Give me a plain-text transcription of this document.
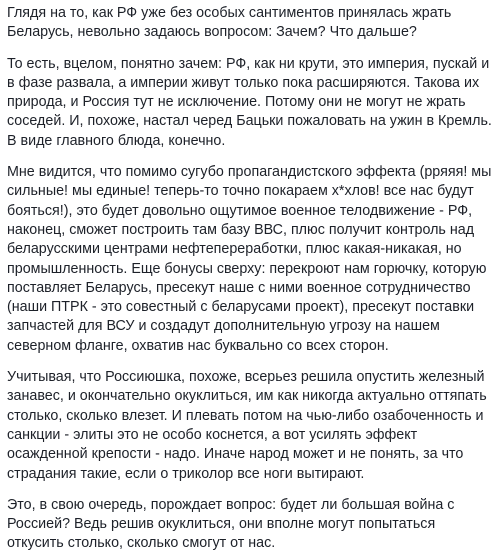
Глядя на то, как РФ уже без особых сантиментов принялась жрать
Беларусь, невольно задаюсь вопросом: Зачем? Что дальше?

То есть, вцелом, понятно зачем: РФ, как ни крути, это империя, пускай и
в фазе развала, а империи живут только пока расширяются. Такова их
природа, и Россия тут не исключение. Потому они не могут не жрать
соседей. И, похоже, настал черед Бацьки пожаловать на ужин в Кремль.
В виде главного блюда, конечно.

Мне видится, что помимо сугубо пропагандистского эффекта (рряяя! мы
сильные! мы единые! теперь-то точно покараем х*хлов! все нас будут
бояться!), это будет довольно ощутимое военное телодвижение - РФ,
наконец, сможет построить там базу ВВС, плюс получит контроль над
беларусскими центрами нефтепереработки, плюс какая-никакая, но
промышленность. Еще бонусы сверху: перекроют нам горючку, которую
поставляет Беларусь, пресекут наше с ними военное сотрудничество
(наши ПТРК - это совестный с беларусами проект), пресекут поставки
запчастей для ВСУ и создадут дополнительную угрозу на нашем
северном фланге, охватив нас буквально со всех сторон.

Учитывая, что Россиюшка, похоже, всерьез решила опустить железный
занавес, и окончательно окуклиться, им как никогда актуально оттяпать
столько, сколько влезет. И плевать потом на чью-либо озабоченность и
санкции - элиты это не особо коснется, а вот усилять эффект
осажденной крепости - надо. Иначе народ может и не понять, за что
страдания такие, если о триколор все ноги вытирают.

Это, в свою очередь, порождает вопрос: будет ли большая война с
Россией? Ведь решив окуклиться, они вполне могут попытаться
откусить столько, сколько смогут от нас.
